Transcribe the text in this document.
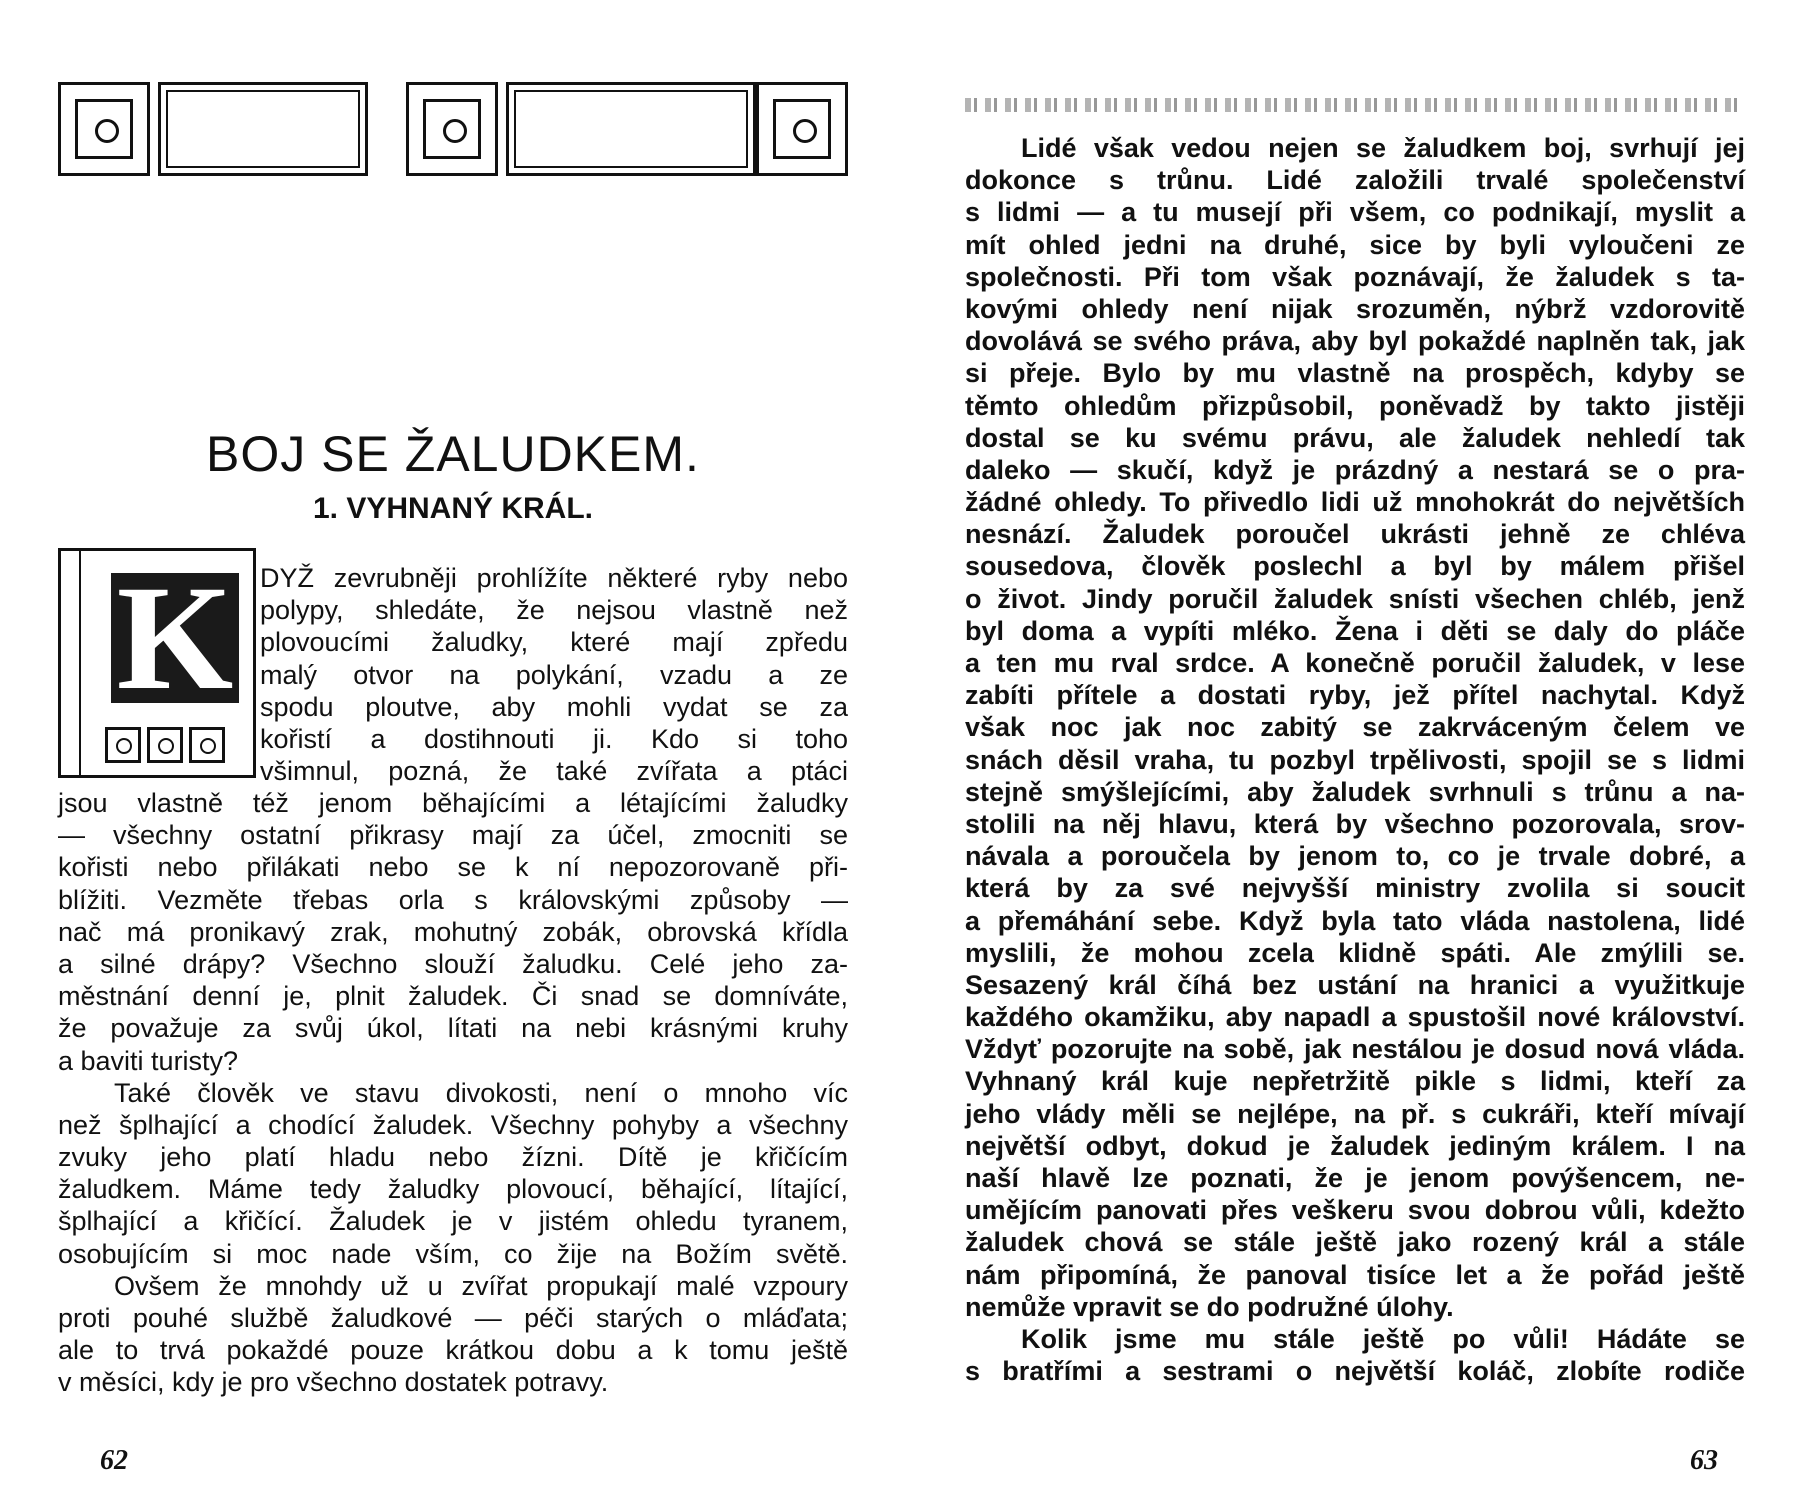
BOJ SE ŽALUDKEM.
1. VYHNANÝ KRÁL.
K DYŽ zevrubněji prohlížíte některé ryby nebo
polypy, shledáte, že nejsou vlastně než
plovoucími žaludky, které mají zpředu
malý otvor na polykání, vzadu a ze
spodu ploutve, aby mohli vydat se za
kořistí a dostihnouti ji. Kdo si toho
všimnul, pozná, že také zvířata a ptáci
jsou vlastně též jenom běhajícími a létajícími žaludky
— všechny ostatní přikrasy mají za účel, zmocniti se
kořisti nebo přilákati nebo se k ní nepozorovaně při-
blížiti. Vezměte třebas orla s královskými způsoby —
nač má pronikavý zrak, mohutný zobák, obrovská křídla
a silné drápy? Všechno slouží žaludku. Celé jeho za-
městnání denní je, plnit žaludek. Či snad se domníváte,
že považuje za svůj úkol, lítati na nebi krásnými kruhy
a baviti turisty?
Také člověk ve stavu divokosti, není o mnoho víc
než šplhající a chodící žaludek. Všechny pohyby a všechny
zvuky jeho platí hladu nebo žízni. Dítě je křičícím
žaludkem. Máme tedy žaludky plovoucí, běhající, lítající,
šplhající a křičící. Žaludek je v jistém ohledu tyranem,
osobujícím si moc nade vším, co žije na Božím světě.
Ovšem že mnohdy už u zvířat propukají malé vzpoury
proti pouhé službě žaludkové — péči starých o mláďata;
ale to trvá pokaždé pouze krátkou dobu a k tomu ještě
v měsíci, kdy je pro všechno dostatek potravy.
62
Lidé však vedou nejen se žaludkem boj, svrhují jej
dokonce s trůnu. Lidé založili trvalé společenství
s lidmi — a tu musejí při všem, co podnikají, myslit a
mít ohled jedni na druhé, sice by byli vyloučeni ze
společnosti. Při tom však poznávají, že žaludek s ta-
kovými ohledy není nijak srozuměn, nýbrž vzdorovitě
dovolává se svého práva, aby byl pokaždé naplněn tak, jak
si přeje. Bylo by mu vlastně na prospěch, kdyby se
těmto ohledům přizpůsobil, poněvadž by takto jistěji
dostal se ku svému právu, ale žaludek nehledí tak
daleko — skučí, když je prázdný a nestará se o pra-
žádné ohledy. To přivedlo lidi už mnohokrát do největších
nesnází. Žaludek poroučel ukrásti jehně ze chléva
sousedova, člověk poslechl a byl by málem přišel
o život. Jindy poručil žaludek snísti všechen chléb, jenž
byl doma a vypíti mléko. Žena i děti se daly do pláče
a ten mu rval srdce. A konečně poručil žaludek, v lese
zabíti přítele a dostati ryby, jež přítel nachytal. Když
však noc jak noc zabitý se zakrváceným čelem ve
snách děsil vraha, tu pozbyl trpělivosti, spojil se s lidmi
stejně smýšlejícími, aby žaludek svrhnuli s trůnu a na-
stolili na něj hlavu, která by všechno pozorovala, srov-
návala a poroučela by jenom to, co je trvale dobré, a
která by za své nejvyšší ministry zvolila si soucit
a přemáhání sebe. Když byla tato vláda nastolena, lidé
myslili, že mohou zcela klidně spáti. Ale zmýlili se.
Sesazený král číhá bez ustání na hranici a využitkuje
každého okamžiku, aby napadl a spustošil nové království.
Vždyť pozorujte na sobě, jak nestálou je dosud nová vláda.
Vyhnaný král kuje nepřetržitě pikle s lidmi, kteří za
jeho vlády měli se nejlépe, na př. s cukráři, kteří mívají
největší odbyt, dokud je žaludek jediným králem. I na
naší hlavě lze poznati, že je jenom povýšencem, ne-
umějícím panovati přes veškeru svou dobrou vůli, kdežto
žaludek chová se stále ještě jako rozený král a stále
nám připomíná, že panoval tisíce let a že pořád ještě
nemůže vpravit se do podružné úlohy.
Kolik jsme mu stále ještě po vůli! Hádáte se
s bratřími a sestrami o největší koláč, zlobíte rodiče
63
